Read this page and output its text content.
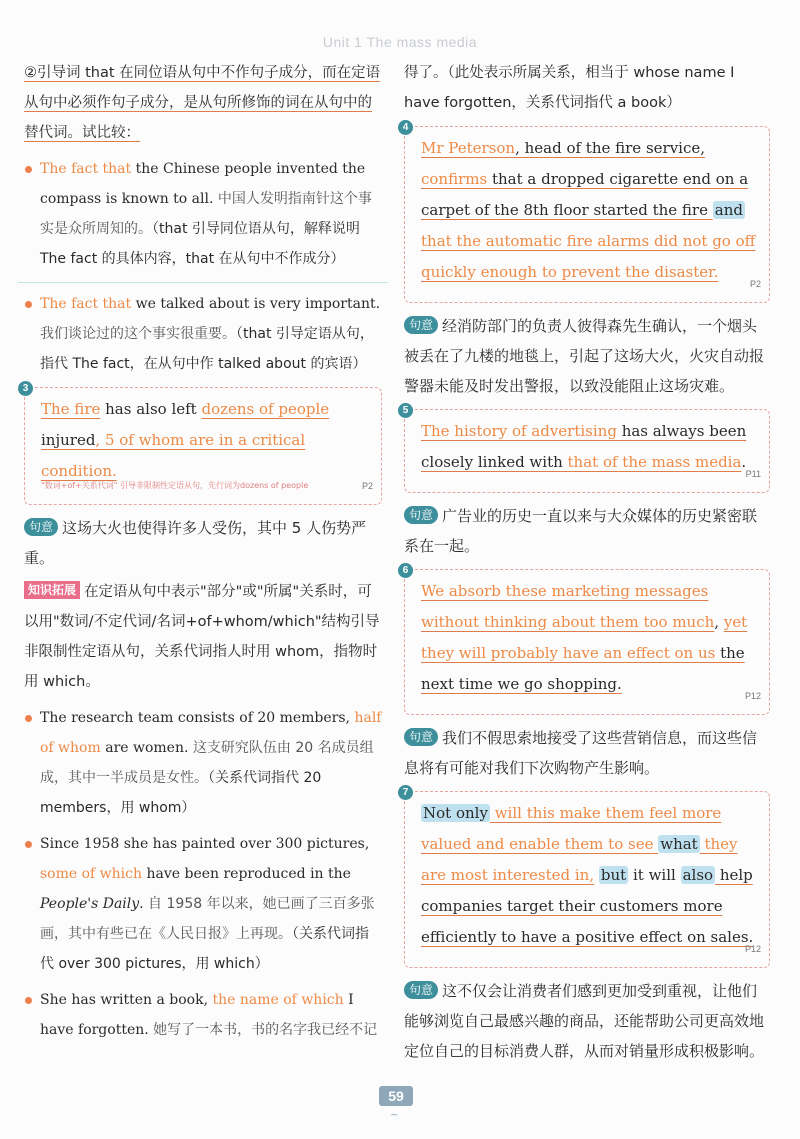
Unit 1 The mass media

②引导词 that 在同位语从句中不作句子成分，而在定语从句中必须作句子成分，是从句所修饰的词在从句中的替代词。试比较：

The fact that the Chinese people invented the compass is known to all. 中国人发明指南针这个事实是众所周知的。（that 引导同位语从句，解释说明 The fact 的具体内容，that 在从句中不作成分）
The fact that we talked about is very important. 我们谈论过的这个事实很重要。（that 引导定语从句，指代 The fact，在从句中作 talked about 的宾语）
3
The fire has also left dozens of people injured, 5 of whom are in a critical condition.
"数词+of+关系代词" 引导非限制性定语从句，先行词为dozens of people	P2

句意 这场大火也使得许多人受伤，其中 5 人伤势严重。

知识拓展 在定语从句中表示"部分"或"所属"关系时，可以用"数词/不定代词/名词+of+whom/which"结构引导非限制性定语从句，关系代词指人时用 whom，指物时用 which。

The research team consists of 20 members, half of whom are women. 这支研究队伍由 20 名成员组成，其中一半成员是女性。（关系代词指代 20 members，用 whom）
Since 1958 she has painted over 300 pictures, some of which have been reproduced in the People's Daily. 自 1958 年以来，她已画了三百多张画，其中有些已在《人民日报》上再现。（关系代词指代 over 300 pictures，用 which）
She has written a book, the name of which I have forgotten. 她写了一本书，书的名字我已经不记

得了。（此处表示所属关系，相当于 whose name I have forgotten，关系代词指代 a book）

4
Mr Peterson, head of the fire service, confirms that a dropped cigarette end on a carpet of the 8th floor started the fire and that the automatic fire alarms did not go off quickly enough to prevent the disaster.
P2

句意 经消防部门的负责人彼得森先生确认，一个烟头被丢在了九楼的地毯上，引起了这场大火，火灾自动报警器未能及时发出警报，以致没能阻止这场灾难。

5
The history of advertising has always been closely linked with that of the mass media.
P11

句意 广告业的历史一直以来与大众媒体的历史紧密联系在一起。

6
We absorb these marketing messages without thinking about them too much, yet they will probably have an effect on us the next time we go shopping.
P12

句意 我们不假思索地接受了这些营销信息，而这些信息将有可能对我们下次购物产生影响。

7
Not only will this make them feel more valued and enable them to see what they are most interested in, but it will also help companies target their customers more efficiently to have a positive effect on sales.
P12

句意 这不仅会让消费者们感到更加受到重视，让他们能够浏览自己最感兴趣的商品，还能帮助公司更高效地定位自己的目标消费人群，从而对销量形成积极影响。

59
~
